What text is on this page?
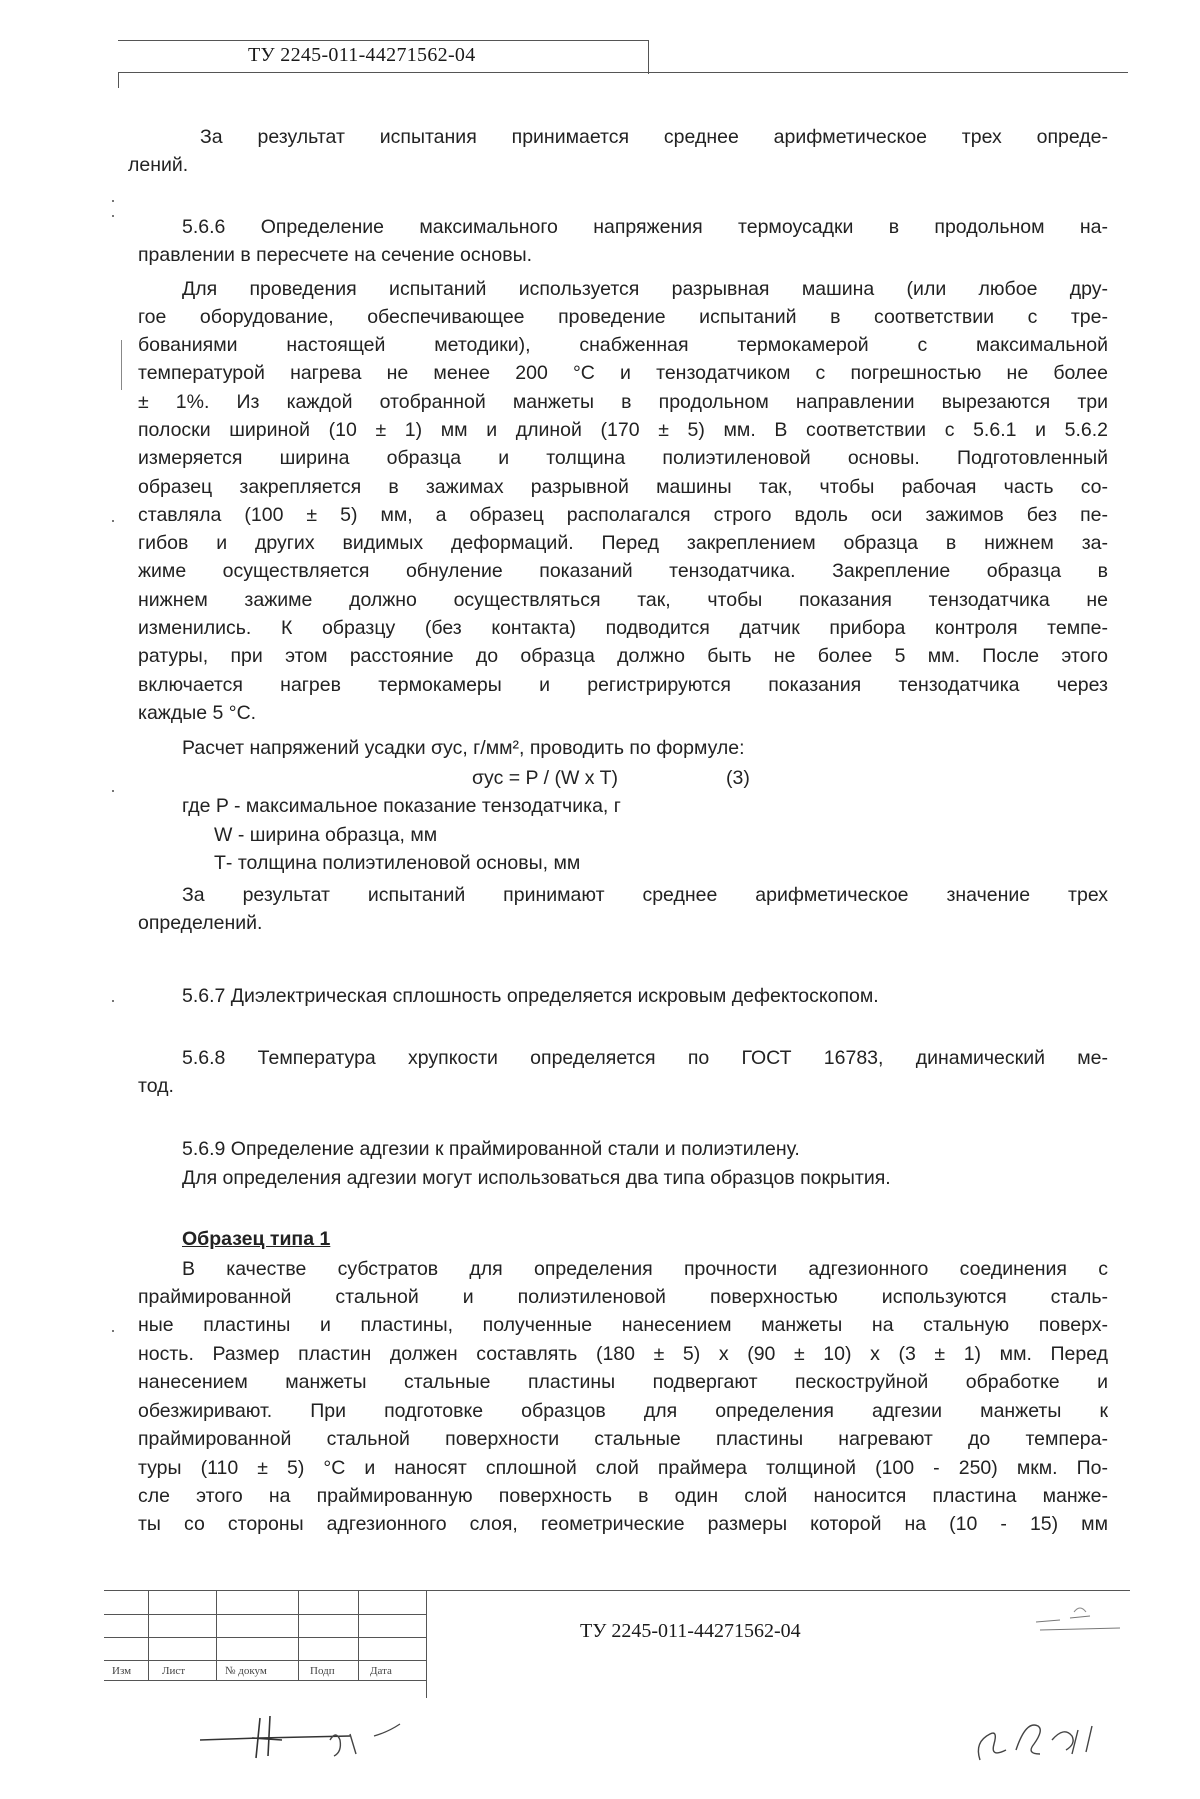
ТУ 2245-011-44271562-04
За результат испытания принимается среднее арифметическое трех опреде-
лений.
5.6.6 Определение максимального напряжения термоусадки в продольном на-
правлении в пересчете на сечение основы.
Для проведения испытаний используется разрывная машина (или любое дру-
гое оборудование, обеспечивающее проведение испытаний в соответствии с тре-
бованиями настоящей методики), снабженная термокамерой с максимальной
температурой нагрева не менее 200 °С и тензодатчиком с погрешностью не более
± 1%. Из каждой отобранной манжеты в продольном направлении вырезаются три
полоски шириной (10 ± 1) мм и длиной (170 ± 5) мм. В соответствии с 5.6.1 и 5.6.2
измеряется ширина образца и толщина полиэтиленовой основы. Подготовленный
образец закрепляется в зажимах разрывной машины так, чтобы рабочая часть со-
ставляла (100 ± 5) мм, а образец располагался строго вдоль оси зажимов без пе-
гибов и других видимых деформаций. Перед закреплением образца в нижнем за-
жиме осуществляется обнуление показаний тензодатчика. Закрепление образца в
нижнем зажиме должно осуществляться так, чтобы показания тензодатчика не
изменились. К образцу (без контакта) подводится датчик прибора контроля темпе-
ратуры, при этом расстояние до образца должно быть не более 5 мм. После этого
включается нагрев термокамеры и регистрируются показания тензодатчика через
каждые 5 °С.
Расчет напряжений усадки σус, г/мм², проводить по формуле:
σус = P / (W x T)	(3)
где P - максимальное показание тензодатчика, г
W - ширина образца, мм
Т- толщина полиэтиленовой основы, мм
За результат испытаний принимают среднее арифметическое значение трех
определений.
5.6.7 Диэлектрическая сплошность определяется искровым дефектоскопом.
5.6.8 Температура хрупкости определяется по ГОСТ 16783, динамический ме-
тод.
5.6.9 Определение адгезии к праймированной стали и полиэтилену.
Для определения адгезии могут использоваться два типа образцов покрытия.
Образец типа 1
В качестве субстратов для определения прочности адгезионного соединения с
праймированной стальной и полиэтиленовой поверхностью используются сталь-
ные пластины и пластины, полученные нанесением манжеты на стальную поверх-
ность. Размер пластин должен составлять (180 ± 5) x (90 ± 10) x (3 ± 1) мм. Перед
нанесением манжеты стальные пластины подвергают пескоструйной обработке и
обезжиривают. При подготовке образцов для определения адгезии манжеты к
праймированной стальной поверхности стальные пластины нагревают до темпера-
туры (110 ± 5) °С и наносят сплошной слой праймера толщиной (100 - 250) мкм. По-
сле этого на праймированную поверхность в один слой наносится пластина манже-
ты со стороны адгезионного слоя, геометрические размеры которой на (10 - 15) мм
Изм	Лист	№ докум	Подп	Дата
ТУ 2245-011-44271562-04
